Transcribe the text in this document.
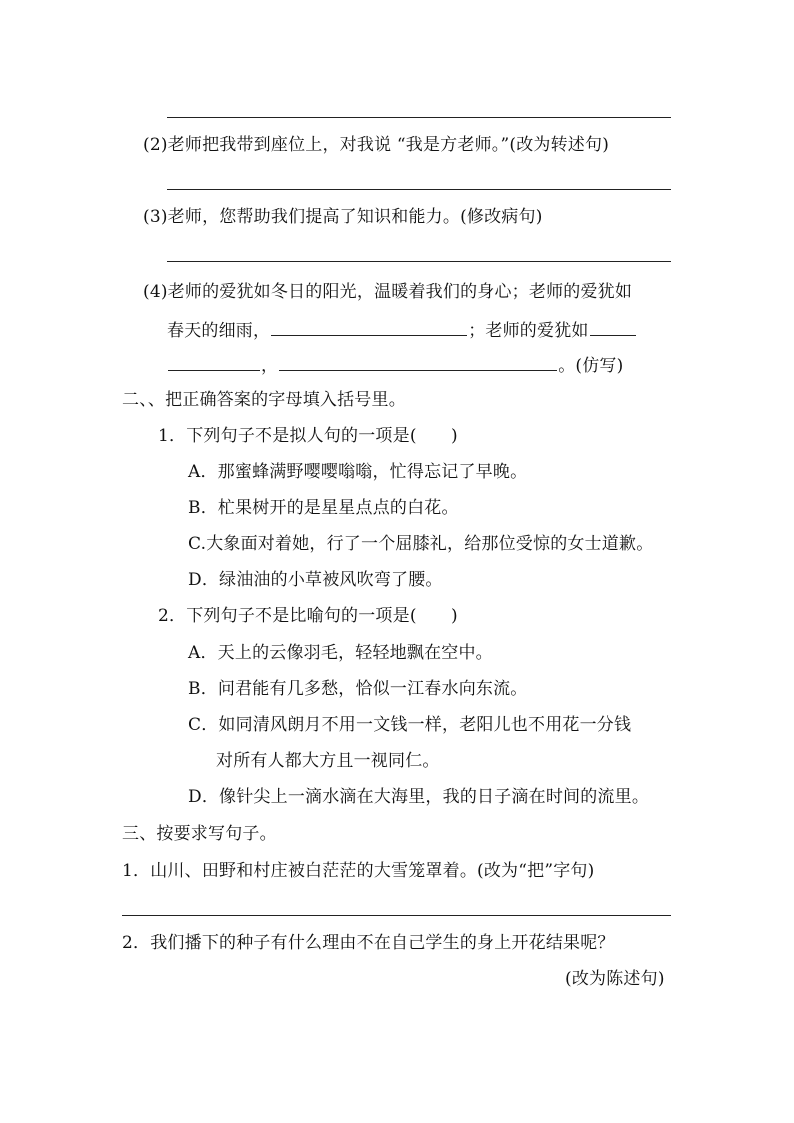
(2)老师把我带到座位上，对我说 “我是方老师。”(改为转述句)
(3)老师，您帮助我们提高了知识和能力。(修改病句)
(4)老师的爱犹如冬日的阳光，温暖着我们的身心；老师的爱犹如
春天的细雨，	；老师的爱犹如
，	。(仿写)
二、、把正确答案的字母填入括号里。
1．下列句子不是拟人句的一项是(　　)
A．那蜜蜂满野嘤嘤嗡嗡，忙得忘记了早晚。
B．杧果树开的是星星点点的白花。
C.大象面对着她，行了一个屈膝礼，给那位受惊的女士道歉。
D．绿油油的小草被风吹弯了腰。
2．下列句子不是比喻句的一项是(　　)
A．天上的云像羽毛，轻轻地飘在空中。
B．问君能有几多愁，恰似一江春水向东流。
C．如同清风朗月不用一文钱一样，老阳儿也不用花一分钱
对所有人都大方且一视同仁。
D．像针尖上一滴水滴在大海里，我的日子滴在时间的流里。
三、按要求写句子。
1．山川、田野和村庄被白茫茫的大雪笼罩着。(改为“把”字句)
2．我们播下的种子有什么理由不在自己学生的身上开花结果呢？
(改为陈述句)
